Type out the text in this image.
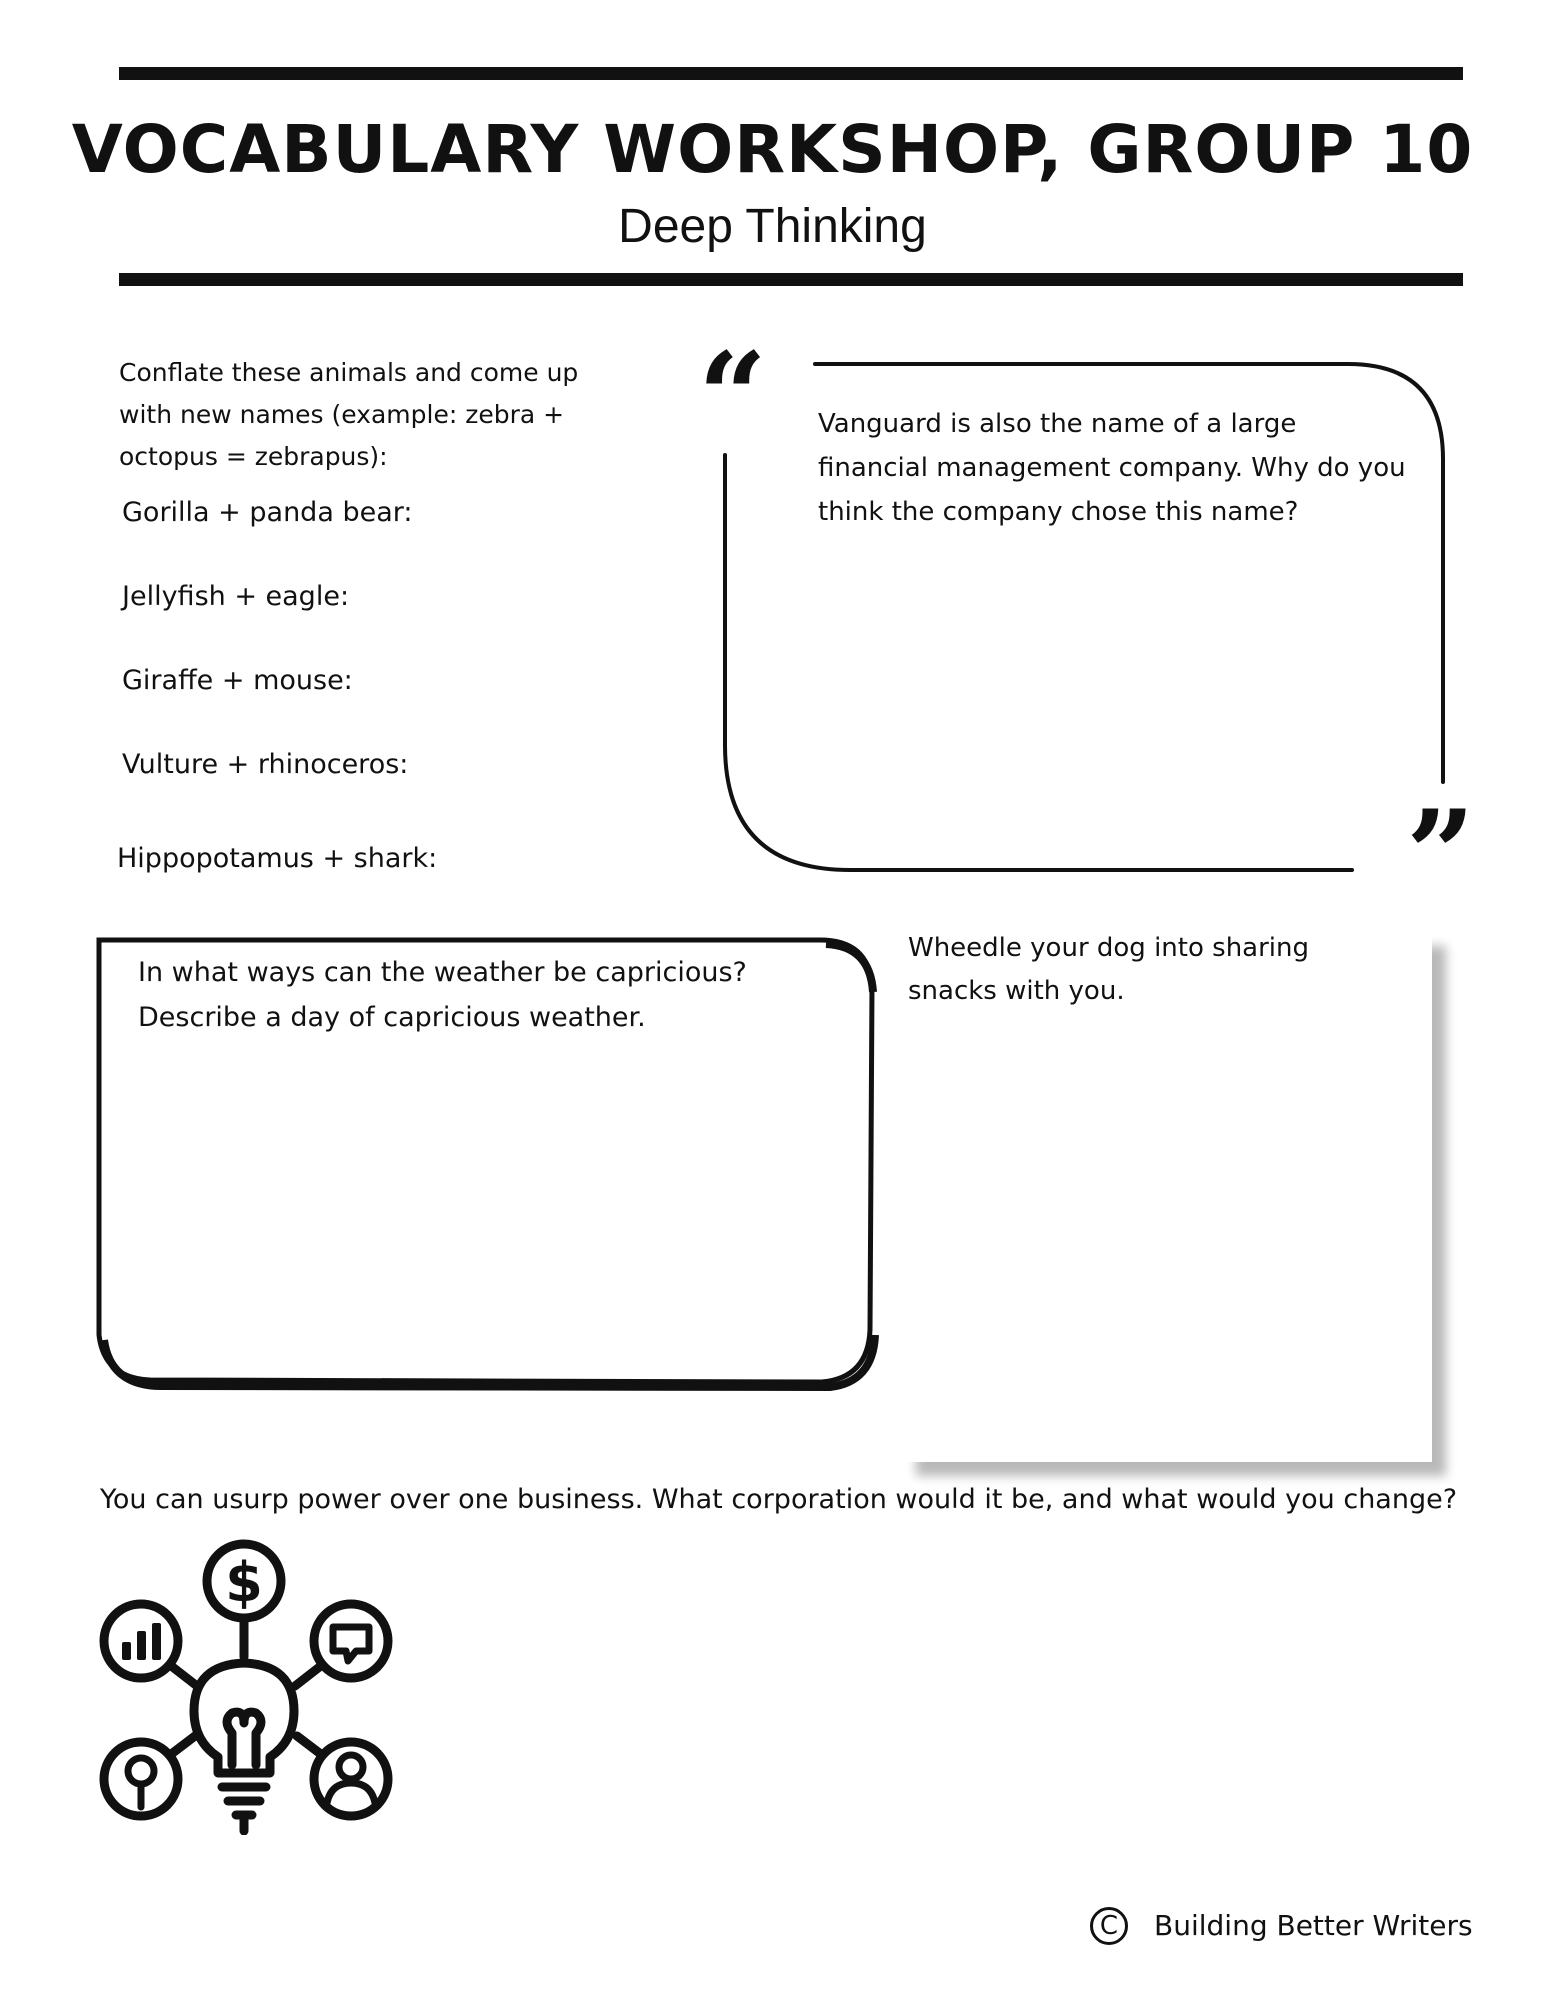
VOCABULARY WORKSHOP, GROUP 10
Deep Thinking
Conflate these animals and come up with new names (example: zebra + octopus = zebrapus):
Gorilla + panda bear:
Jellyfish + eagle:
Giraffe + mouse:
Vulture + rhinoceros:
Hippopotamus + shark:
“
”
Vanguard is also the name of a large financial management company. Why do you think the company chose this name?
In what ways can the weather be capricious? Describe a day of capricious weather.
Wheedle your dog into sharing snacks with you.
You can usurp power over one business. What corporation would it be, and what would you change?
$
C	Building Better Writers
